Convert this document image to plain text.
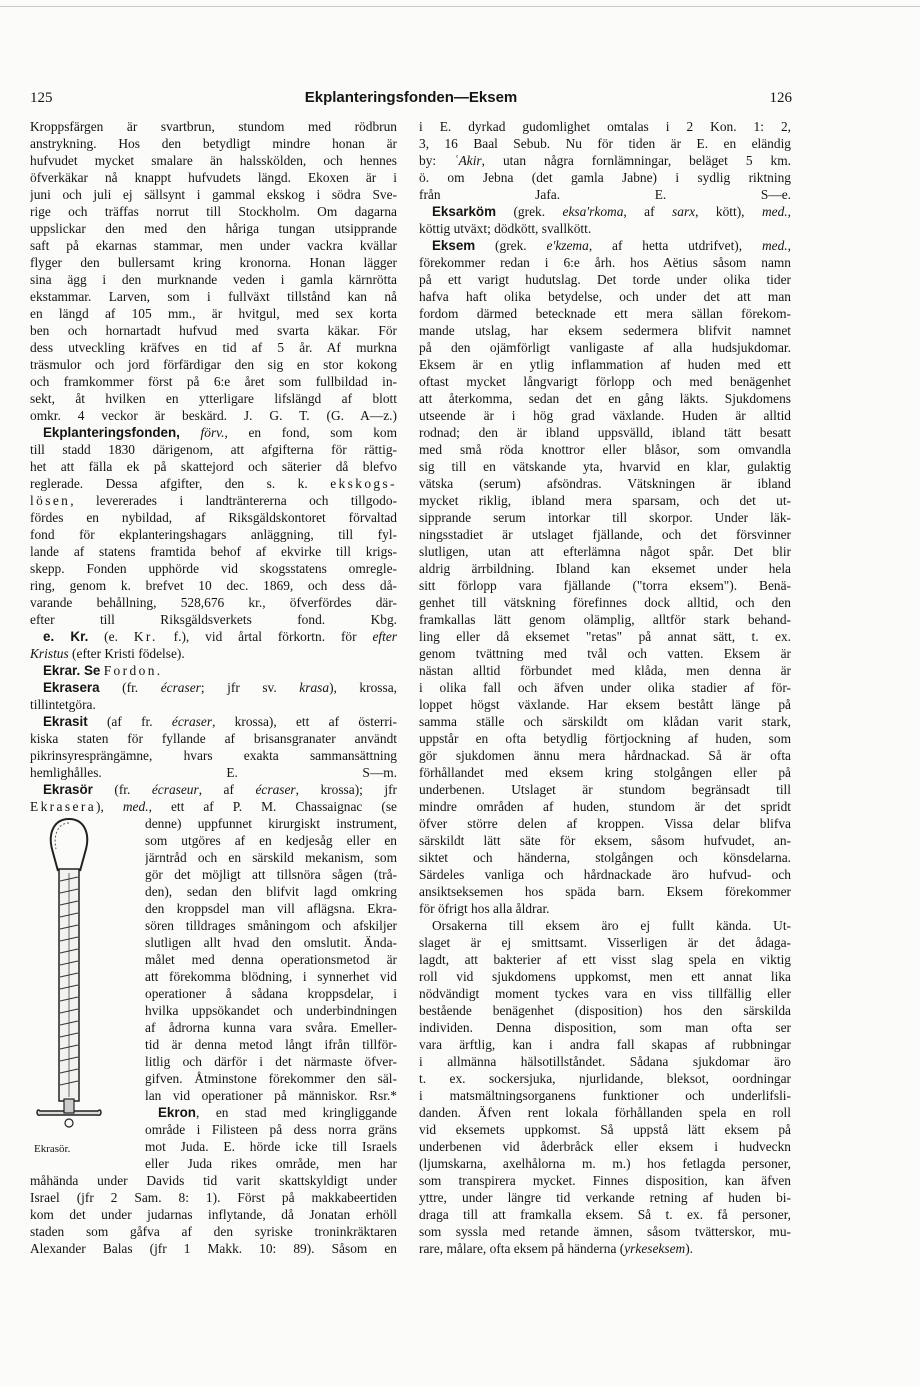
125	Ekplanteringsfonden—Eksem	126
Kroppsfärgen är svartbrun, stundom med rödbrun
anstrykning. Hos den betydligt mindre honan är
hufvudet mycket smalare än halsskölden, och hennes
öfverkäkar nå knappt hufvudets längd. Ekoxen är i
juni och juli ej sällsynt i gammal ekskog i södra Sve-
rige och träffas norrut till Stockholm. Om dagarna
uppslickar den med den håriga tungan utsipprande
saft på ekarnas stammar, men under vackra kvällar
flyger den bullersamt kring kronorna. Honan lägger
sina ägg i den murknande veden i gamla kärnrötta
ekstammar. Larven, som i fullväxt tillstånd kan nå
en längd af 105 mm., är hvitgul, med sex korta
ben och hornartadt hufvud med svarta käkar. För
dess utveckling kräfves en tid af 5 år. Af murkna
träsmulor och jord förfärdigar den sig en stor kokong
och framkommer först på 6:e året som fullbildad in-
sekt, åt hvilken en ytterligare lifslängd af blott
omkr. 4 veckor är beskärd. J. G. T. (G. A—z.)
Ekplanteringsfonden, förv., en fond, som kom
till stadd 1830 därigenom, att afgifterna för rättig-
het att fälla ek på skattejord och säterier då blefvo
reglerade. Dessa afgifter, den s. k. ekskogs-
lösen, levererades i landträntererna och tillgodo-
fördes en nybildad, af Riksgäldskontoret förvaltad
fond för ekplanteringshagars anläggning, till fyl-
lande af statens framtida behof af ekvirke till krigs-
skepp. Fonden upphörde vid skogsstatens omregle-
ring, genom k. brefvet 10 dec. 1869, och dess då-
varande behållning, 528,676 kr., öfverfördes där-
efter till Riksgäldsverkets fond.	Kbg.
e. Kr. (e. Kr. f.), vid årtal förkortn. för efter
Kristus (efter Kristi födelse).
Ekrar. Se Fordon.
Ekrasera (fr. écraser; jfr sv. krasa), krossa,
tillintetgöra.
Ekrasit (af fr. écraser, krossa), ett af österri-
kiska staten för fyllande af brisansgranater användt
pikrinsyresprängämne, hvars exakta sammansättning
hemlighålles.	E. S—m.
Ekrasör (fr. écraseur, af écraser, krossa); jfr
Ekrasera), med., ett af P. M. Chassaignac (se
denne) uppfunnet kirurgiskt instrument,
som utgöres af en kedjesåg eller en
järntråd och en särskild mekanism, som
gör det möjligt att tillsnöra sågen (trå-
den), sedan den blifvit lagd omkring
den kroppsdel man vill aflägsna. Ekra-
sören tilldrages småningom och afskiljer
slutligen allt hvad den omslutit. Ända-
målet med denna operationsmetod är
att förekomma blödning, i synnerhet vid
operationer å sådana kroppsdelar, i
hvilka uppsökandet och underbindningen
af ådrorna kunna vara svåra. Emeller-
tid är denna metod långt ifrån tillför-
litlig och därför i det närmaste öfver-
gifven. Åtminstone förekommer den säl-
lan vid operationer på människor. Rsr.*
Ekron, en stad med kringliggande
område i Filisteen på dess norra gräns
mot Juda. E. hörde icke till Israels
eller Juda rikes område, men har
måhända under Davids tid varit skattskyldigt under
Israel (jfr 2 Sam. 8: 1). Först på makkabeertiden
kom det under judarnas inflytande, då Jonatan erhöll
staden som gåfva af den syriske troninkräktaren
Alexander Balas (jfr 1 Makk. 10: 89). Såsom en
Ekrasör.
i E. dyrkad gudomlighet omtalas i 2 Kon. 1: 2,
3, 16 Baal Sebub. Nu för tiden är E. en eländig
by: ʿAkir, utan några fornlämningar, beläget 5 km.
ö. om Jebna (det gamla Jabne) i sydlig riktning
från Jafa.	E. S—e.
Eksarköm (grek. eksa'rkoma, af sarx, kött), med.,
köttig utväxt; dödkött, svallkött.
Eksem (grek. e'kzema, af hetta utdrifvet), med.,
förekommer redan i 6:e årh. hos Aëtius såsom namn
på ett varigt hudutslag. Det torde under olika tider
hafva haft olika betydelse, och under det att man
fordom därmed betecknade ett mera sällan förekom-
mande utslag, har eksem sedermera blifvit namnet
på den ojämförligt vanligaste af alla hudsjukdomar.
Eksem är en ytlig inflammation af huden med ett
oftast mycket långvarigt förlopp och med benägenhet
att återkomma, sedan det en gång läkts. Sjukdomens
utseende är i hög grad växlande. Huden är alltid
rodnad; den är ibland uppsvälld, ibland tätt besatt
med små röda knottror eller blåsor, som omvandla
sig till en vätskande yta, hvarvid en klar, gulaktig
vätska (serum) afsöndras. Vätskningen är ibland
mycket riklig, ibland mera sparsam, och det ut-
sipprande serum intorkar till skorpor. Under läk-
ningsstadiet är utslaget fjällande, och det försvinner
slutligen, utan att efterlämna något spår. Det blir
aldrig ärrbildning. Ibland kan eksemet under hela
sitt förlopp vara fjällande ("torra eksem"). Benä-
genhet till vätskning förefinnes dock alltid, och den
framkallas lätt genom olämplig, alltför stark behand-
ling eller då eksemet "retas" på annat sätt, t. ex.
genom tvättning med tvål och vatten. Eksem är
nästan alltid förbundet med klåda, men denna är
i olika fall och äfven under olika stadier af för-
loppet högst växlande. Har eksem bestått länge på
samma ställe och särskildt om klådan varit stark,
uppstår en ofta betydlig förtjockning af huden, som
gör sjukdomen ännu mera hårdnackad. Så är ofta
förhållandet med eksem kring stolgången eller på
underbenen. Utslaget är stundom begränsadt till
mindre områden af huden, stundom är det spridt
öfver större delen af kroppen. Vissa delar blifva
särskildt lätt säte för eksem, såsom hufvudet, an-
siktet och händerna, stolgången och könsdelarna.
Särdeles vanliga och hårdnackade äro hufvud- och
ansiktseksemen hos späda barn. Eksem förekommer
för öfrigt hos alla åldrar.
Orsakerna till eksem äro ej fullt kända. Ut-
slaget är ej smittsamt. Visserligen är det ådaga-
lagdt, att bakterier af ett visst slag spela en viktig
roll vid sjukdomens uppkomst, men ett annat lika
nödvändigt moment tyckes vara en viss tillfällig eller
bestående benägenhet (disposition) hos den särskilda
individen. Denna disposition, som man ofta ser
vara ärftlig, kan i andra fall skapas af rubbningar
i allmänna hälsotillståndet. Sådana sjukdomar äro
t. ex. sockersjuka, njurlidande, bleksot, oordningar
i matsmältningsorganens funktioner och underlifsli-
danden. Äfven rent lokala förhållanden spela en roll
vid eksemets uppkomst. Så uppstå lätt eksem på
underbenen vid åderbråck eller eksem i hudveckn
(ljumskarna, axelhålorna m. m.) hos fetlagda personer,
som transpirera mycket. Finnes disposition, kan äfven
yttre, under längre tid verkande retning af huden bi-
draga till att framkalla eksem. Så t. ex. få personer,
som syssla med retande ämnen, såsom tvätterskor, mu-
rare, målare, ofta eksem på händerna (yrkeseksem).
